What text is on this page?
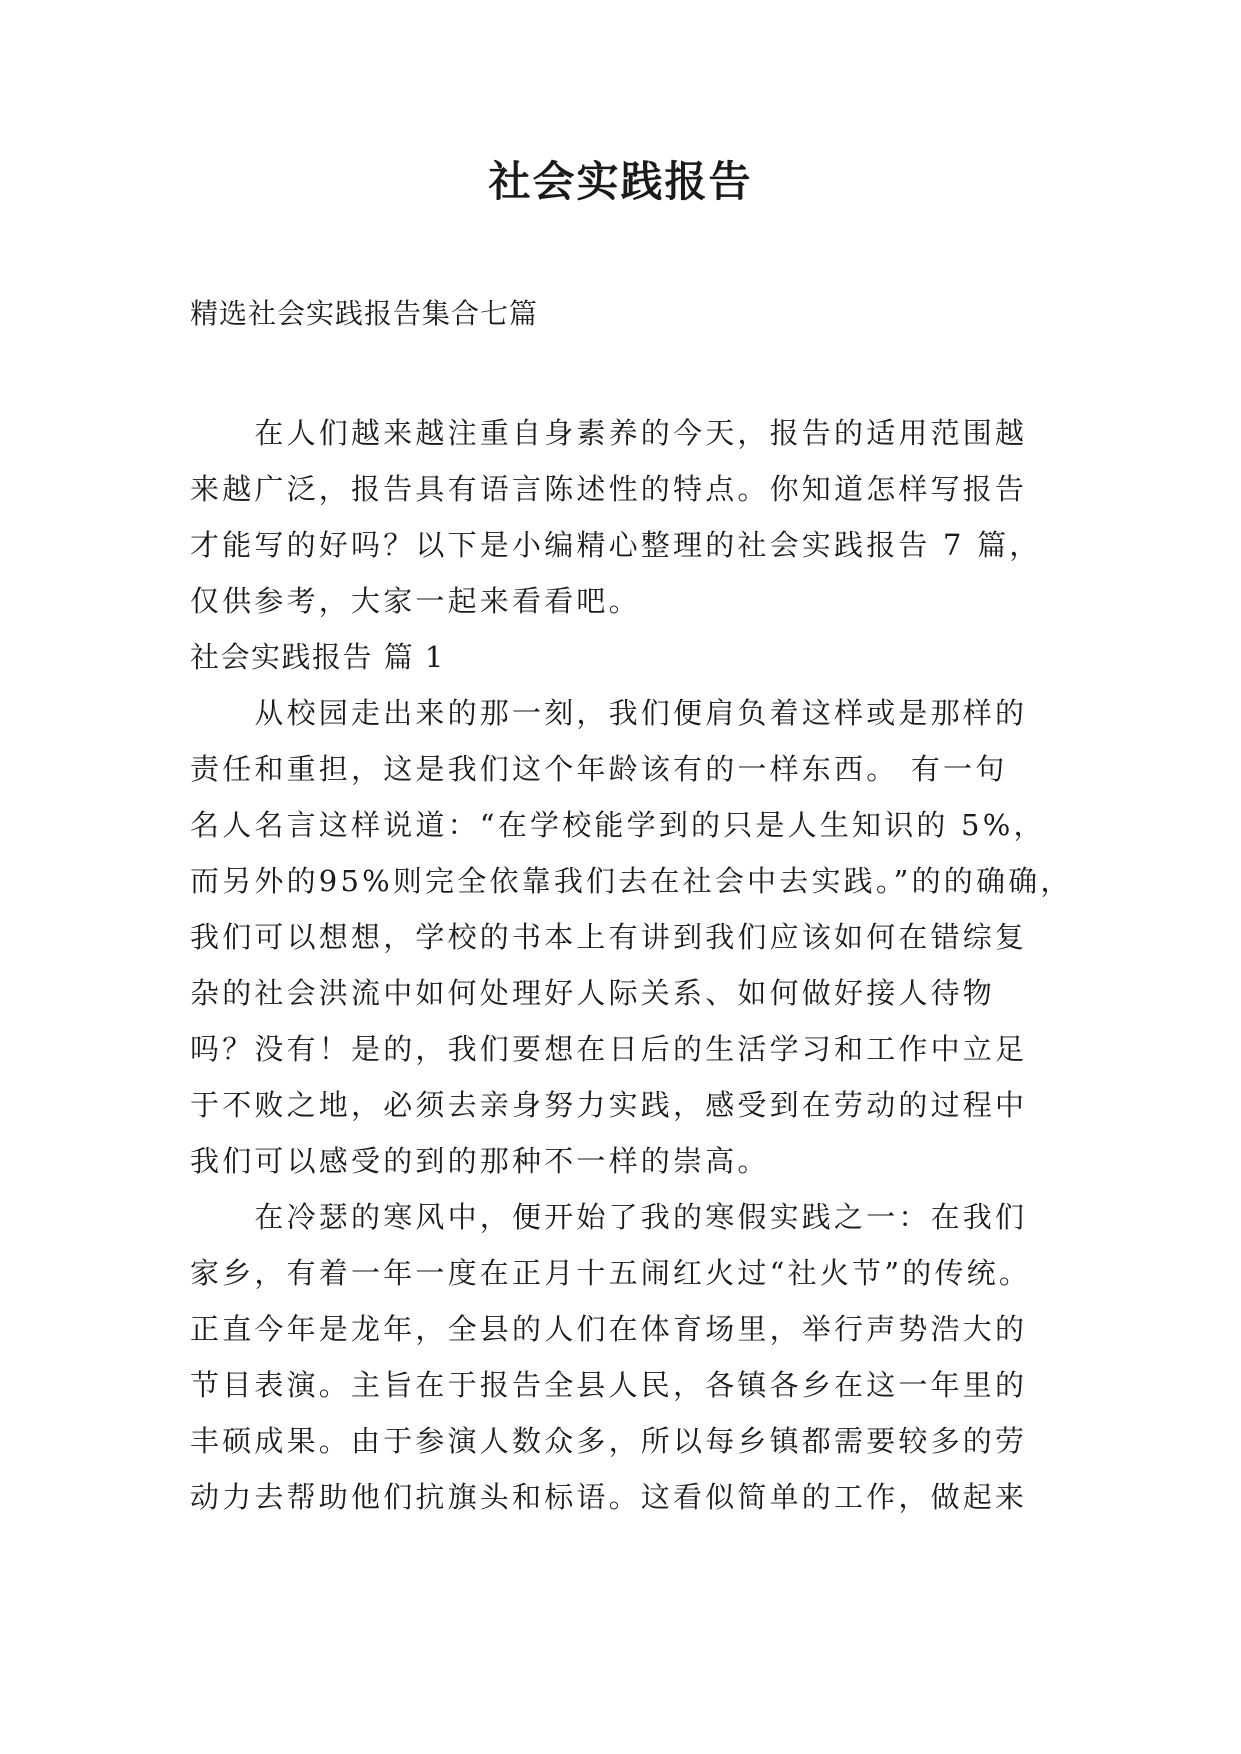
社会实践报告
精选社会实践报告集合七篇
　　在人们越来越注重自身素养的今天，报告的适用范围越
来越广泛，报告具有语言陈述性的特点。你知道怎样写报告
才能写的好吗？以下是小编精心整理的社会实践报告 7 篇，
仅供参考，大家一起来看看吧。
社会实践报告 篇 1
　　从校园走出来的那一刻，我们便肩负着这样或是那样的
责任和重担，这是我们这个年龄该有的一样东西。 有一句
名人名言这样说道：“在学校能学到的只是人生知识的 5%，
而另外的95%则完全依靠我们去在社会中去实践。”的的确确，
我们可以想想，学校的书本上有讲到我们应该如何在错综复
杂的社会洪流中如何处理好人际关系、如何做好接人待物
吗？没有！是的，我们要想在日后的生活学习和工作中立足
于不败之地，必须去亲身努力实践，感受到在劳动的过程中
我们可以感受的到的那种不一样的崇高。
　　在冷瑟的寒风中，便开始了我的寒假实践之一：在我们
家乡，有着一年一度在正月十五闹红火过“社火节”的传统。
正直今年是龙年，全县的人们在体育场里，举行声势浩大的
节目表演。主旨在于报告全县人民，各镇各乡在这一年里的
丰硕成果。由于参演人数众多，所以每乡镇都需要较多的劳
动力去帮助他们抗旗头和标语。这看似简单的工作，做起来
